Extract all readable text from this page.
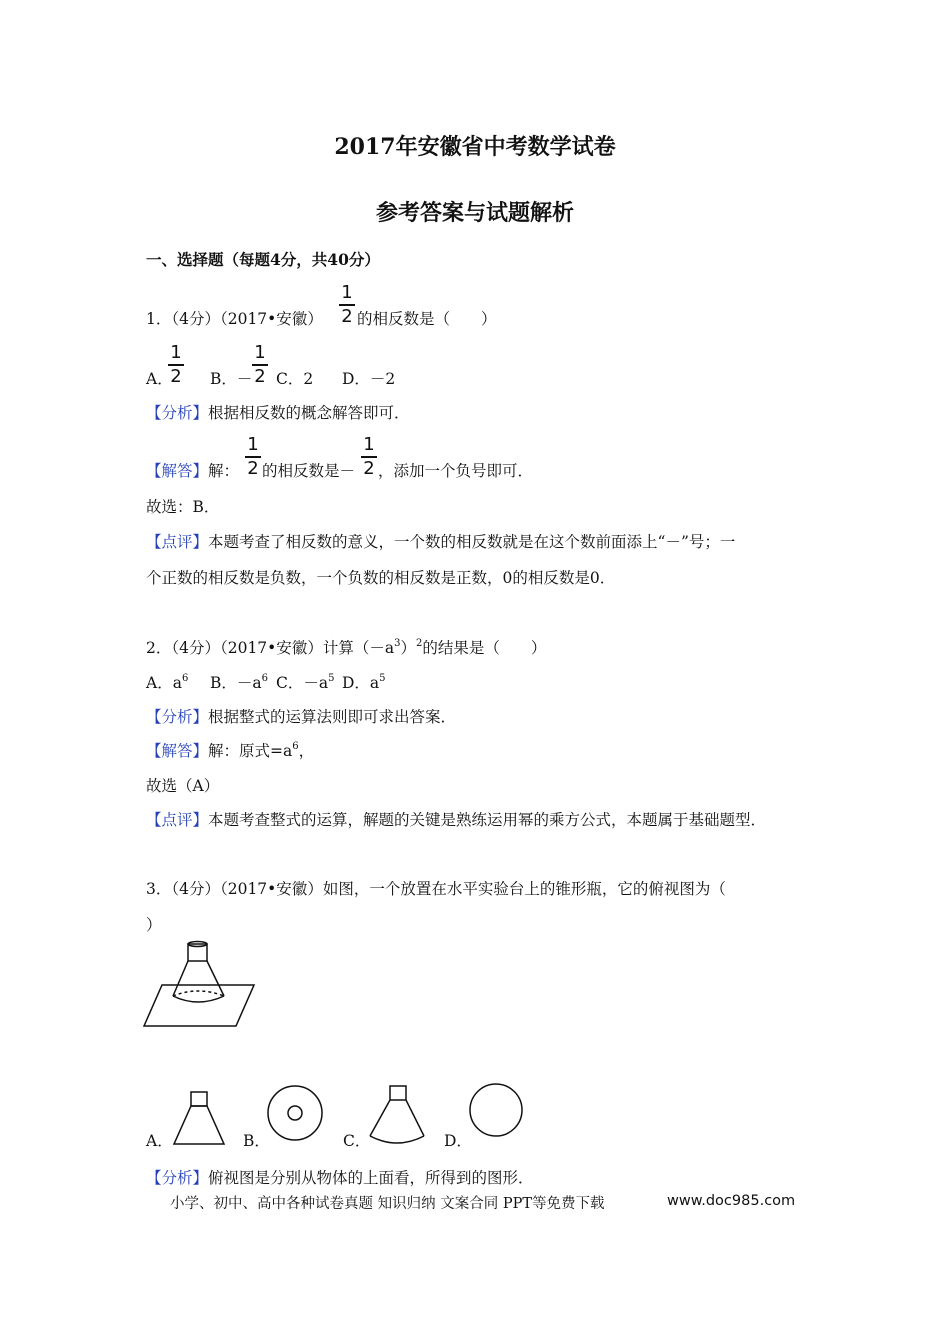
2017年安徽省中考数学试卷
参考答案与试题解析
一、选择题（每题4分，共40分）
1．（4分）（2017•安徽）
1
2 的相反数是（　　）
A．
1
2 B．－
1
2 C．2 D．－2
【分析】根据相反数的概念解答即可．
【解答】解：
1
2 的相反数是－
1
2 ，添加一个负号即可．
故选：B．
【点评】本题考查了相反数的意义，一个数的相反数就是在这个数前面添上“－”号；一
个正数的相反数是负数，一个负数的相反数是正数，0的相反数是0．
2．（4分）（2017•安徽）计算$(-a^3)^2$的结果是（　　）
A．$a^6$ B．$-a^6$ C．$-a^5$ D．$a^5$
【分析】根据整式的运算法则即可求出答案．
【解答】解：原式$=a^6$，
故选（A）
【点评】本题考查整式的运算，解题的关键是熟练运用幂的乘方公式，本题属于基础题型．
3．（4分）（2017•安徽）如图，一个放置在水平实验台上的锥形瓶，它的俯视图为（
）
A．	B．	C．	D．
【分析】俯视图是分别从物体的上面看，所得到的图形．
小学、初中、高中各种试卷真题 知识归纳 文案合同 PPT等免费下载	www.doc985.com
